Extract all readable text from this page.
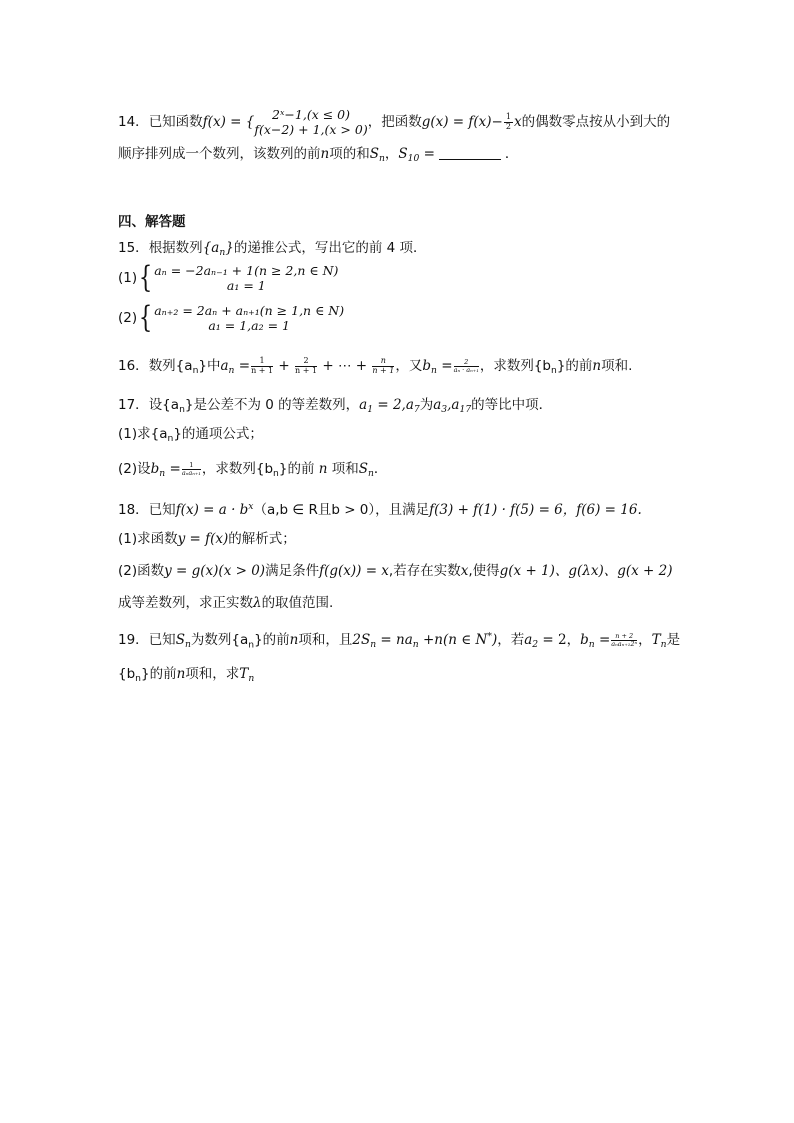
14．已知函数f(x) = {	2ˣ−1,(x ≤ 0)
f(x−2) + 1,(x > 0) ，把函数$g(x) = f(x)- \frac{1}{2}$ x的偶数零点按从小到大的
顺序排列成一个数列，该数列的前n项的和$S_n$，$S_{10}$ =	．
四、解答题
15．根据数列$\{a_n\}$的递推公式，写出它的前 4 项．
(1){ aₙ = −2aₙ₋₁ + 1(n ≥ 2,n ∈ N)
a₁ = 1
(2){ aₙ₊₂ = 2aₙ + aₙ₊₁(n ≥ 1,n ∈ N)
a₁ = 1,a₂ = 1
16．数列$\{a_n\}$中$a_n = \frac{1}{n + 1} + \frac{2}{n + 1}$ + ⋯ + $\frac{n}{n + 1}$ ，又$b_n = \frac{2}{\text{aₙ · aₙ₊₁}}$ ，求数列$\{b_n\}$的前n项和.
17．设$\{a_n\}$是公差不为 0 的等差数列，$a_1 = 2,a_7$为$a_3,a_{17}$的等比中项．
(1)求$\{a_n\}$的通项公式；
(2)设$b_n = \frac{1}{\text{aₙaₙ₊₁}}$ ，求数列$\{b_n\}$的前 n 项和$S_n$．
18．已知$f(x) = a \cdot b^x(a,b$ ∈ R且b > 0），且满足f(3) + f(1) · f(5) = 6，f(6) = 16.
(1)求函数y = f(x)的解析式；
(2)函数y = g(x)(x > 0)满足条件f(g(x)) = x,若存在实数x,使得g(x + 1)、g(λx)、g(x + 2)
成等差数列，求正实数λ的取值范围.
19．已知$S_n$为数列$\{a_n\}$的前n项和，且$2S_n = na_n +n(n$ ∈ N*)，若$a_2 = 2$，$b_n = \frac{n + 2}{\text{aₙaₙ₊₁2ⁿ}}$ ，$T_n$是
$\{b_n\}$的前n项和，求$T_n$
